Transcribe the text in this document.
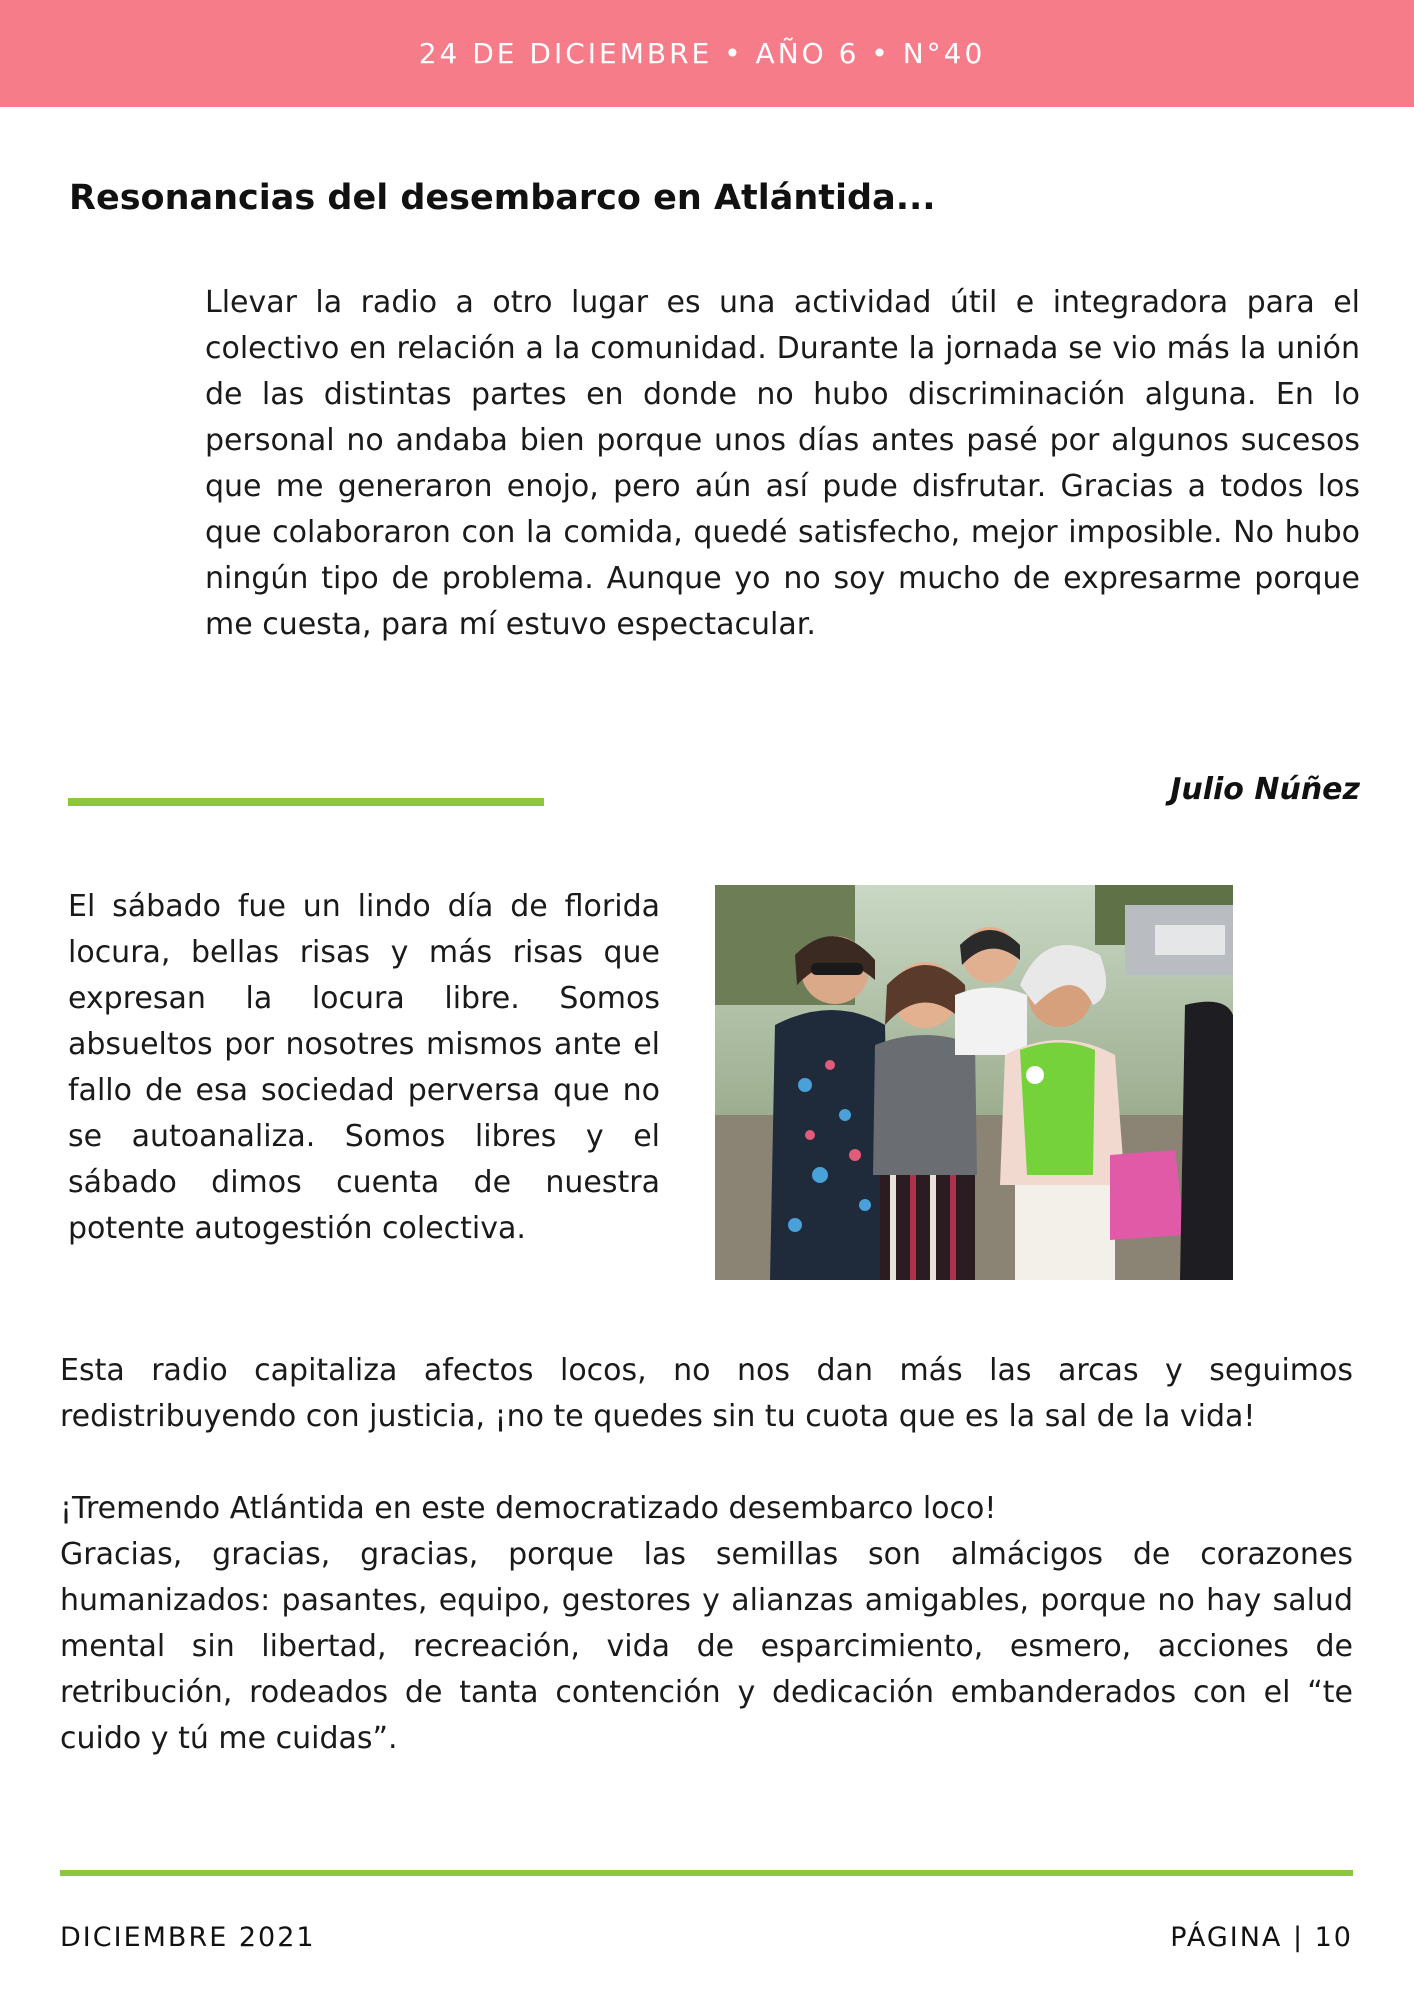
24 DE DICIEMBRE • AÑO 6 • N°40
Resonancias del desembarco en Atlántida...

Llevar la radio a otro lugar es una actividad útil e integradora para el colectivo en relación a la comunidad. Durante la jornada se vio más la unión de las distintas partes en donde no hubo discriminación alguna. En lo personal no andaba bien porque unos días antes pasé por algunos sucesos que me generaron enojo, pero aún así pude disfrutar. Gracias a todos los que colaboraron con la comida, quedé satisfecho, mejor imposible. No hubo ningún tipo de problema. Aunque yo no soy mucho de expresarme porque me cuesta, para mí estuvo espectacular.

Julio Núñez

El sábado fue un lindo día de florida locura, bellas risas y más risas que expresan la locura libre. Somos absueltos por nosotres mismos ante el fallo de esa sociedad perversa que no se autoanaliza. Somos libres y el sábado dimos cuenta de nuestra potente autogestión colectiva.

Esta radio capitaliza afectos locos, no nos dan más las arcas y seguimos redistribuyendo con justicia, ¡no te quedes sin tu cuota que es la sal de la vida!

¡Tremendo Atlántida en este democratizado desembarco loco!
Gracias, gracias, gracias, porque las semillas son almácigos de corazones humanizados: pasantes, equipo, gestores y alianzas amigables, porque no hay salud mental sin libertad, recreación, vida de esparcimiento, esmero, acciones de retribución, rodeados de tanta contención y dedicación embanderados con el “te cuido y tú me cuidas”.

DICIEMBRE 2021	PÁGINA | 10
